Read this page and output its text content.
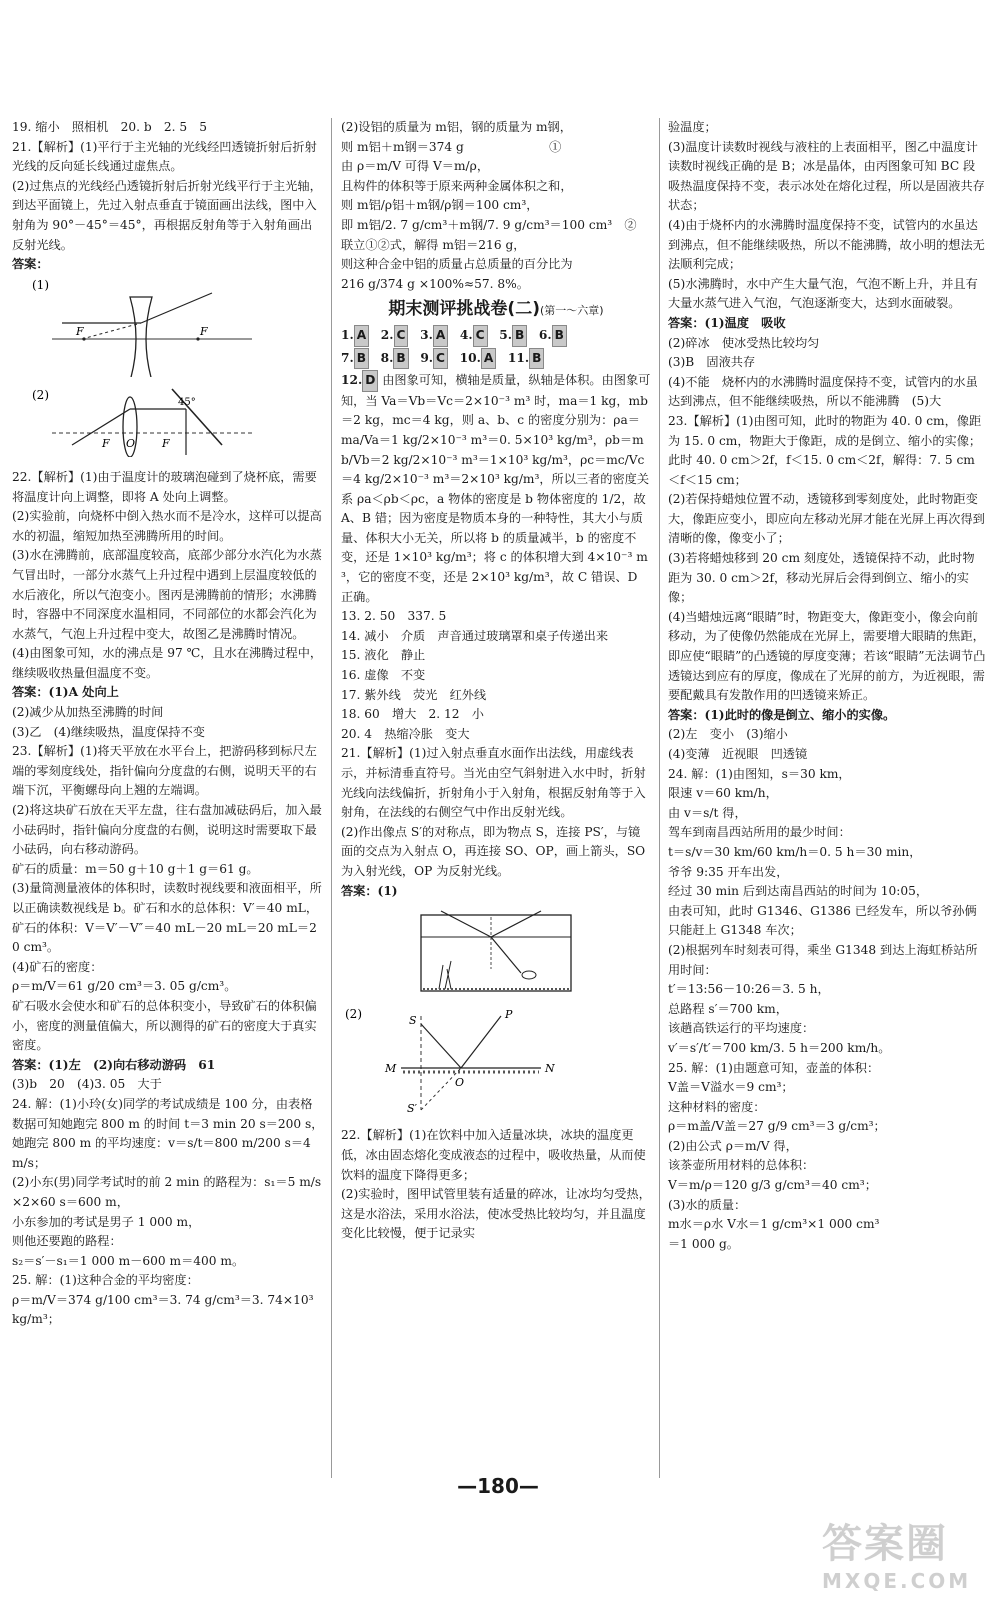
19. 缩小　照相机　20. b　2. 5　5

21.【解析】(1)平行于主光轴的光线经凹透镜折射后折射光线的反向延长线通过虚焦点。

(2)过焦点的光线经凸透镜折射后折射光线平行于主光轴，到达平面镜上，先过入射点垂直于镜面画出法线，图中入射角为 90°－45°＝45°，再根据反射角等于入射角画出反射光线。

答案：

(1)
F	F
(2)
F O F
45°

22.【解析】(1)由于温度计的玻璃泡碰到了烧杯底，需要将温度计向上调整，即将 A 处向上调整。

(2)实验前，向烧杯中倒入热水而不是冷水，这样可以提高水的初温，缩短加热至沸腾所用的时间。

(3)水在沸腾前，底部温度较高，底部少部分水汽化为水蒸气冒出时，一部分水蒸气上升过程中遇到上层温度较低的水后液化，所以气泡变小。图丙是沸腾前的情形；水沸腾时，容器中不同深度水温相同，不同部位的水都会汽化为水蒸气，气泡上升过程中变大，故图乙是沸腾时情况。

(4)由图象可知，水的沸点是 97 ℃，且水在沸腾过程中，继续吸收热量但温度不变。

答案：(1)A 处向上

(2)减少从加热至沸腾的时间

(3)乙　(4)继续吸热，温度保持不变

23.【解析】(1)将天平放在水平台上，把游码移到标尺左端的零刻度线处，指针偏向分度盘的右侧，说明天平的右端下沉，平衡螺母向上翘的左端调。

(2)将这块矿石放在天平左盘，往右盘加减砝码后，加入最小砝码时，指针偏向分度盘的右侧，说明这时需要取下最小砝码，向右移动游码。

矿石的质量：m＝50 g＋10 g＋1 g＝61 g。

(3)量筒测量液体的体积时，读数时视线要和液面相平，所以正确读数视线是 b。矿石和水的总体积：V′＝40 mL，矿石的体积：V＝V′－V″＝40 mL－20 mL＝20 mL＝20 cm³。

(4)矿石的密度：

ρ＝m/V＝61 g/20 cm³＝3. 05 g/cm³。

矿石吸水会使水和矿石的总体积变小，导致矿石的体积偏小，密度的测量值偏大，所以测得的矿石的密度大于真实密度。

答案：(1)左　(2)向右移动游码　61

(3)b　20　(4)3. 05　大于

24. 解：(1)小玲(女)同学的考试成绩是 100 分，由表格数据可知她跑完 800 m 的时间 t＝3 min 20 s＝200 s，她跑完 800 m 的平均速度：v＝s/t＝800 m/200 s＝4 m/s；

(2)小东(男)同学考试时的前 2 min 的路程为：s₁＝5 m/s×2×60 s＝600 m，

小东参加的考试是男子 1 000 m，

则他还要跑的路程：

s₂＝s′－s₁＝1 000 m－600 m＝400 m。

25. 解：(1)这种合金的平均密度：

ρ＝m/V＝374 g/100 cm³＝3. 74 g/cm³＝3. 74×10³ kg/m³；

(2)设铝的质量为 m铝，钢的质量为 m钢，

则 m铝＋m钢＝374 g　　　　　　　①

由 ρ＝m/V 可得 V＝m/ρ，

且构件的体积等于原来两种金属体积之和，

则 m铝/ρ铝＋m钢/ρ钢＝100 cm³，

即 m铝/2. 7 g/cm³＋m钢/7. 9 g/cm³＝100 cm³　②

联立①②式，解得 m铝＝216 g，

则这种合金中铝的质量占总质量的百分比为

216 g/374 g ×100%≈57. 8%。

期末测评挑战卷(二)(第一～六章)
1. A 2. C 3. A 4. C 5. B 6. B
7. B 8. B 9. C 10. A 11. B

12. D 由图象可知，横轴是质量，纵轴是体积。由图象可知，当 Va＝Vb＝Vc＝2×10⁻³ m³ 时，ma＝1 kg，mb＝2 kg，mc＝4 kg，则 a、b、c 的密度分别为：ρa＝ma/Va＝1 kg/2×10⁻³ m³＝0. 5×10³ kg/m³，ρb＝mb/Vb＝2 kg/2×10⁻³ m³＝1×10³ kg/m³，ρc＝mc/Vc＝4 kg/2×10⁻³ m³＝2×10³ kg/m³，所以三者的密度关系 ρa＜ρb＜ρc，a 物体的密度是 b 物体密度的 1/2，故 A、B 错；因为密度是物质本身的一种特性，其大小与质量、体积大小无关，所以将 b 的质量减半，b 的密度不变，还是 1×10³ kg/m³；将 c 的体积增大到 4×10⁻³ m³，它的密度不变，还是 2×10³ kg/m³，故 C 错误、D 正确。

13. 2. 50　337. 5

14. 减小　介质　声音通过玻璃罩和桌子传递出来

15. 液化　静止

16. 虚像　不变

17. 紫外线　荧光　红外线

18. 60　增大　2. 12　小

20. 4　热缩冷胀　变大

21.【解析】(1)过入射点垂直水面作出法线，用虚线表示，并标清垂直符号。当光由空气斜射进入水中时，折射光线向法线偏折，折射角小于入射角，根据反射角等于入射角，在法线的右侧空气中作出反射光线。

(2)作出像点 S′的对称点，即为物点 S，连接 PS′，与镜面的交点为入射点 O，再连接 SO、OP，画上箭头，SO 为入射光线，OP 为反射光线。

答案：(1)

(2)	S	P
M	N
O
S′

22.【解析】(1)在饮料中加入适量冰块，冰块的温度更低，冰由固态熔化变成液态的过程中，吸收热量，从而使饮料的温度下降得更多；

(2)实验时，图甲试管里装有适量的碎冰，让冰均匀受热，这是水浴法，采用水浴法，使冰受热比较均匀，并且温度变化比较慢，便于记录实

验温度；

(3)温度计读数时视线与液柱的上表面相平，图乙中温度计读数时视线正确的是 B；冰是晶体，由丙图象可知 BC 段吸热温度保持不变，表示冰处在熔化过程，所以是固液共存状态；

(4)由于烧杯内的水沸腾时温度保持不变，试管内的水虽达到沸点，但不能继续吸热，所以不能沸腾，故小明的想法无法顺利完成；

(5)水沸腾时，水中产生大量气泡，气泡不断上升，并且有大量水蒸气进入气泡，气泡逐渐变大，达到水面破裂。

答案：(1)温度　吸收

(2)碎冰　使冰受热比较均匀

(3)B　固液共存

(4)不能　烧杯内的水沸腾时温度保持不变，试管内的水虽达到沸点，但不能继续吸热，所以不能沸腾　(5)大

23.【解析】(1)由图可知，此时的物距为 40. 0 cm，像距为 15. 0 cm，物距大于像距，成的是倒立、缩小的实像；此时 40. 0 cm＞2f，f＜15. 0 cm＜2f，解得：7. 5 cm＜f＜15 cm；

(2)若保持蜡烛位置不动，透镜移到零刻度处，此时物距变大，像距应变小，即应向左移动光屏才能在光屏上再次得到清晰的像，像变小了；

(3)若将蜡烛移到 20 cm 刻度处，透镜保持不动，此时物距为 30. 0 cm＞2f，移动光屏后会得到倒立、缩小的实像；

(4)当蜡烛远离“眼睛”时，物距变大，像距变小，像会向前移动，为了使像仍然能成在光屏上，需要增大眼睛的焦距，即应使“眼睛”的凸透镜的厚度变薄；若该“眼睛”无法调节凸透镜达到应有的厚度，像成在了光屏的前方，为近视眼，需要配戴具有发散作用的凹透镜来矫正。

答案：(1)此时的像是倒立、缩小的实像。

(2)左　变小　(3)缩小

(4)变薄　近视眼　凹透镜

24. 解：(1)由图知，s＝30 km，

限速 v＝60 km/h，

由 v＝s/t 得，

驾车到南昌西站所用的最少时间：

t＝s/v＝30 km/60 km/h＝0. 5 h＝30 min，

爷爷 9:35 开车出发，

经过 30 min 后到达南昌西站的时间为 10:05，

由表可知，此时 G1346、G1386 已经发车，所以爷孙俩只能赶上 G1348 车次；

(2)根据列车时刻表可得，乘坐 G1348 到达上海虹桥站所用时间：

t′＝13:56－10:26＝3. 5 h，

总路程 s′＝700 km，

该趟高铁运行的平均速度：

v′＝s′/t′＝700 km/3. 5 h＝200 km/h。

25. 解：(1)由题意可知，壶盖的体积：

V盖＝V溢水＝9 cm³；

这种材料的密度：

ρ＝m盖/V盖＝27 g/9 cm³＝3 g/cm³；

(2)由公式 ρ＝m/V 得，

该茶壶所用材料的总体积：

V＝m/ρ＝120 g/3 g/cm³＝40 cm³；

(3)水的质量：

m水＝ρ水 V水＝1 g/cm³×1 000 cm³

＝1 000 g。

—180—
答案圈
MXQE.COM
